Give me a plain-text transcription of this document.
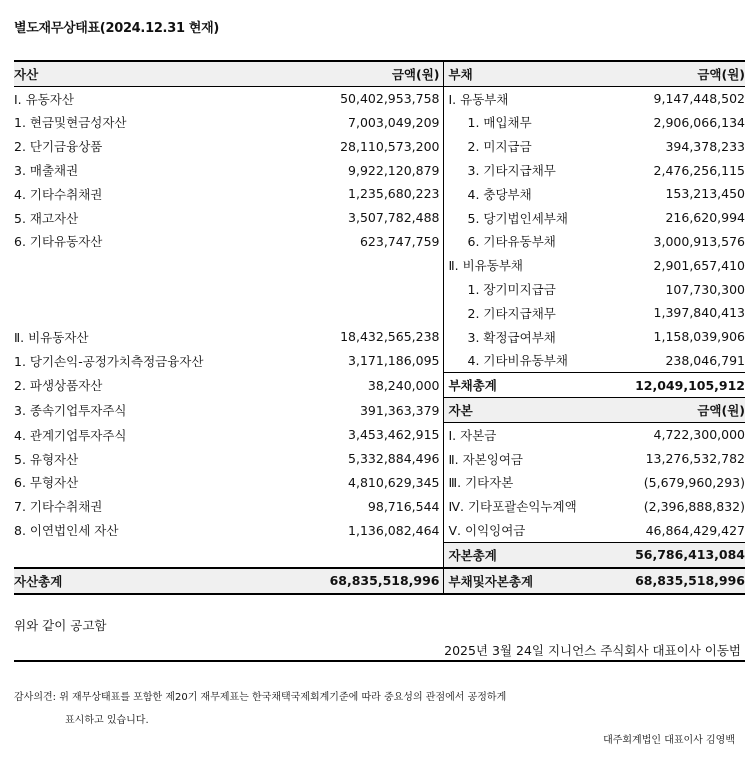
별도재무상태표(2024.12.31 현재)
자산	금액(원)	부채	금액(원)
Ⅰ. 유동자산	50,402,953,758	Ⅰ. 유동부채	9,147,448,502
1. 현금및현금성자산	7,003,049,209	1. 매입채무	2,906,066,134
2. 단기금융상품	28,110,573,200	2. 미지급금	394,378,233
3. 매출채권	9,922,120,879	3. 기타지급채무	2,476,256,115
4. 기타수취채권	1,235,680,223	4. 충당부채	153,213,450
5. 재고자산	3,507,782,488	5. 당기법인세부채	216,620,994
6. 기타유동자산	623,747,759	6. 기타유동부채	3,000,913,576
		Ⅱ. 비유동부채	2,901,657,410
		1. 장기미지급금	107,730,300
		2. 기타지급채무	1,397,840,413
Ⅱ. 비유동자산	18,432,565,238	3. 확정급여부채	1,158,039,906
1. 당기손익-공정가치측정금융자산	3,171,186,095	4. 기타비유동부채	238,046,791
2. 파생상품자산	38,240,000	부채총계	12,049,105,912
3. 종속기업투자주식	391,363,379	자본	금액(원)
4. 관계기업투자주식	3,453,462,915	Ⅰ. 자본금	4,722,300,000
5. 유형자산	5,332,884,496	Ⅱ. 자본잉여금	13,276,532,782
6. 무형자산	4,810,629,345	Ⅲ. 기타자본	(5,679,960,293)
7. 기타수취채권	98,716,544	Ⅳ. 기타포괄손익누계액	(2,396,888,832)
8. 이연법인세 자산	1,136,082,464	Ⅴ. 이익잉여금	46,864,429,427
		자본총계	56,786,413,084
자산총계	68,835,518,996	부채및자본총계	68,835,518,996
위와 같이 공고함
2025년 3월 24일 지니언스 주식회사 대표이사 이동범
감사의견: 위 재무상태표를 포함한 제20기 재무제표는 한국채택국제회계기준에 따라 중요성의 관점에서 공정하게
표시하고 있습니다.
대주회계법인 대표이사 김영백
